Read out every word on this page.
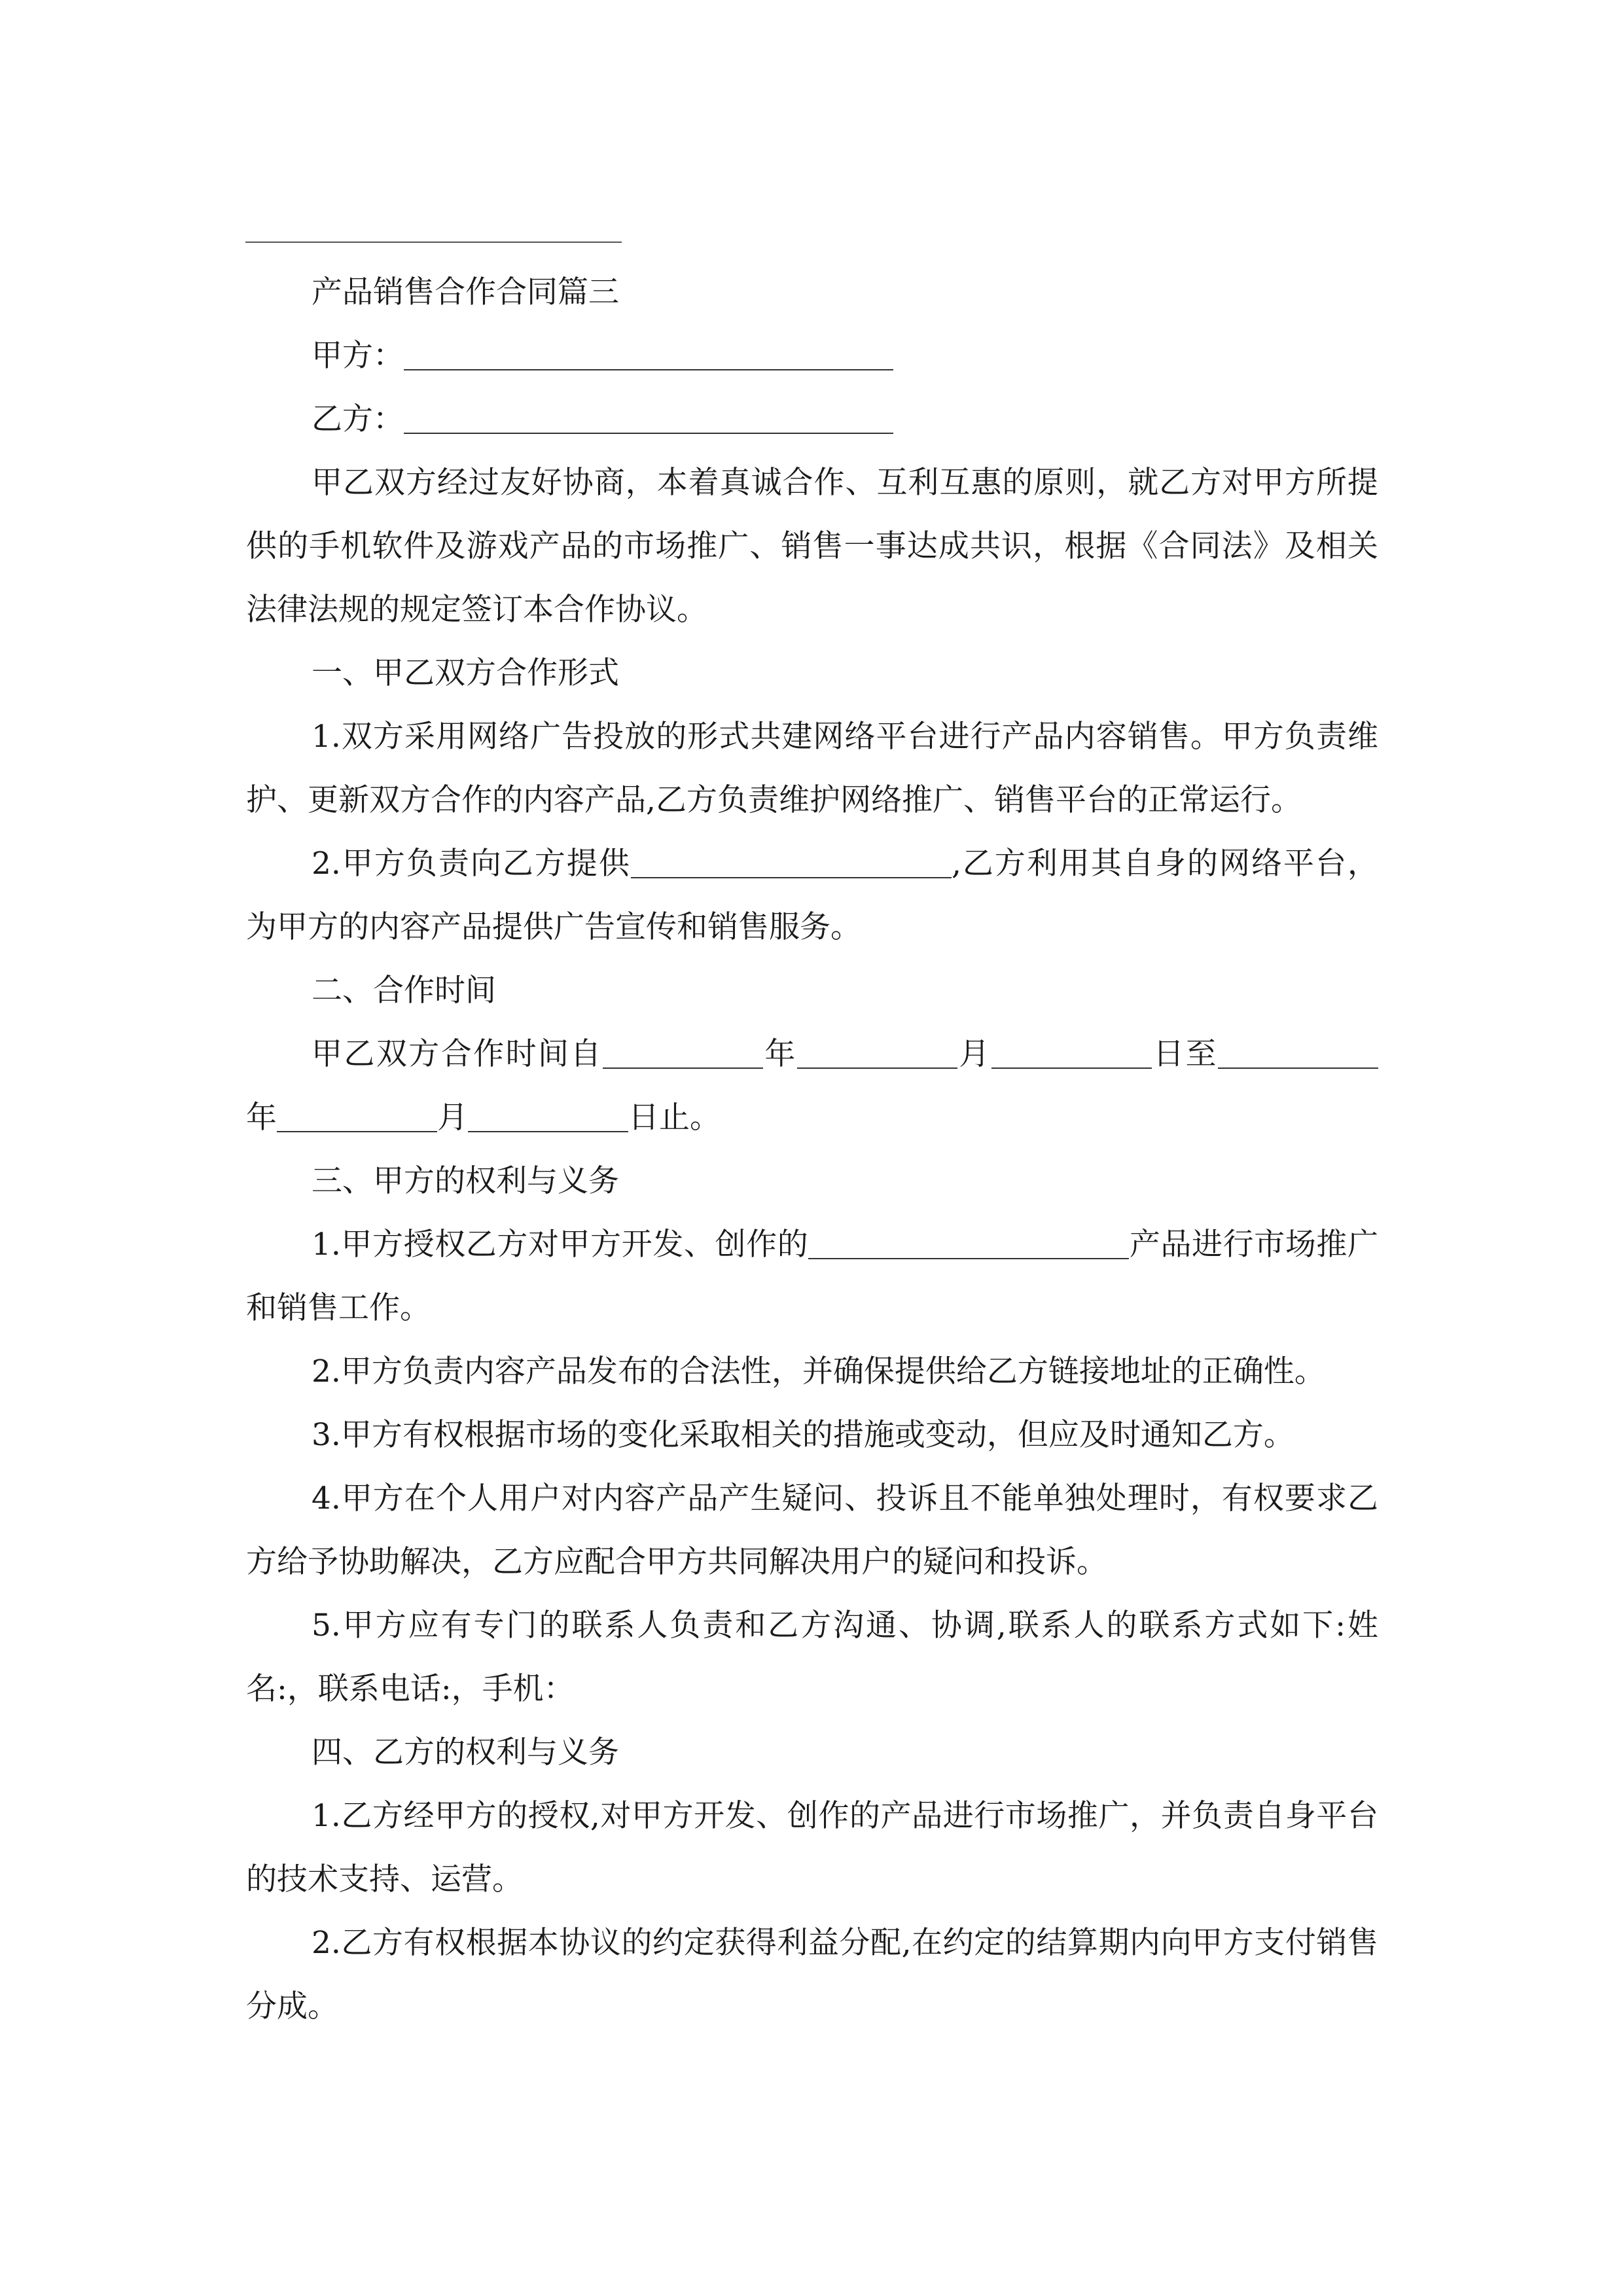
产品销售合作合同篇三

甲方：

乙方：

甲乙双方经过友好协商，本着真诚合作、互利互惠的原则，就乙方对甲方所提供的手机软件及游戏产品的市场推广、销售一事达成共识，根据《合同法》及相关法律法规的规定签订本合作协议。

一、甲乙双方合作形式

1.双方采用网络广告投放的形式共建网络平台进行产品内容销售。甲方负责维护、更新双方合作的内容产品,乙方负责维护网络推广、销售平台的正常运行。

2.甲方负责向乙方提供	,乙方利用其自身的网络平台，为甲方的内容产品提供广告宣传和销售服务。

二、合作时间

甲乙双方合作时间自	年	月	日至年	月	日止。

三、甲方的权利与义务

1.甲方授权乙方对甲方开发、创作的	产品进行市场推广和销售工作。

2.甲方负责内容产品发布的合法性，并确保提供给乙方链接地址的正确性。

3.甲方有权根据市场的变化采取相关的措施或变动，但应及时通知乙方。

4.甲方在个人用户对内容产品产生疑问、投诉且不能单独处理时，有权要求乙方给予协助解决，乙方应配合甲方共同解决用户的疑问和投诉。

5.甲方应有专门的联系人负责和乙方沟通、协调,联系人的联系方式如下:姓名:，联系电话:，手机：

四、乙方的权利与义务

1.乙方经甲方的授权,对甲方开发、创作的产品进行市场推广，并负责自身平台的技术支持、运营。

2.乙方有权根据本协议的约定获得利益分配,在约定的结算期内向甲方支付销售分成。
